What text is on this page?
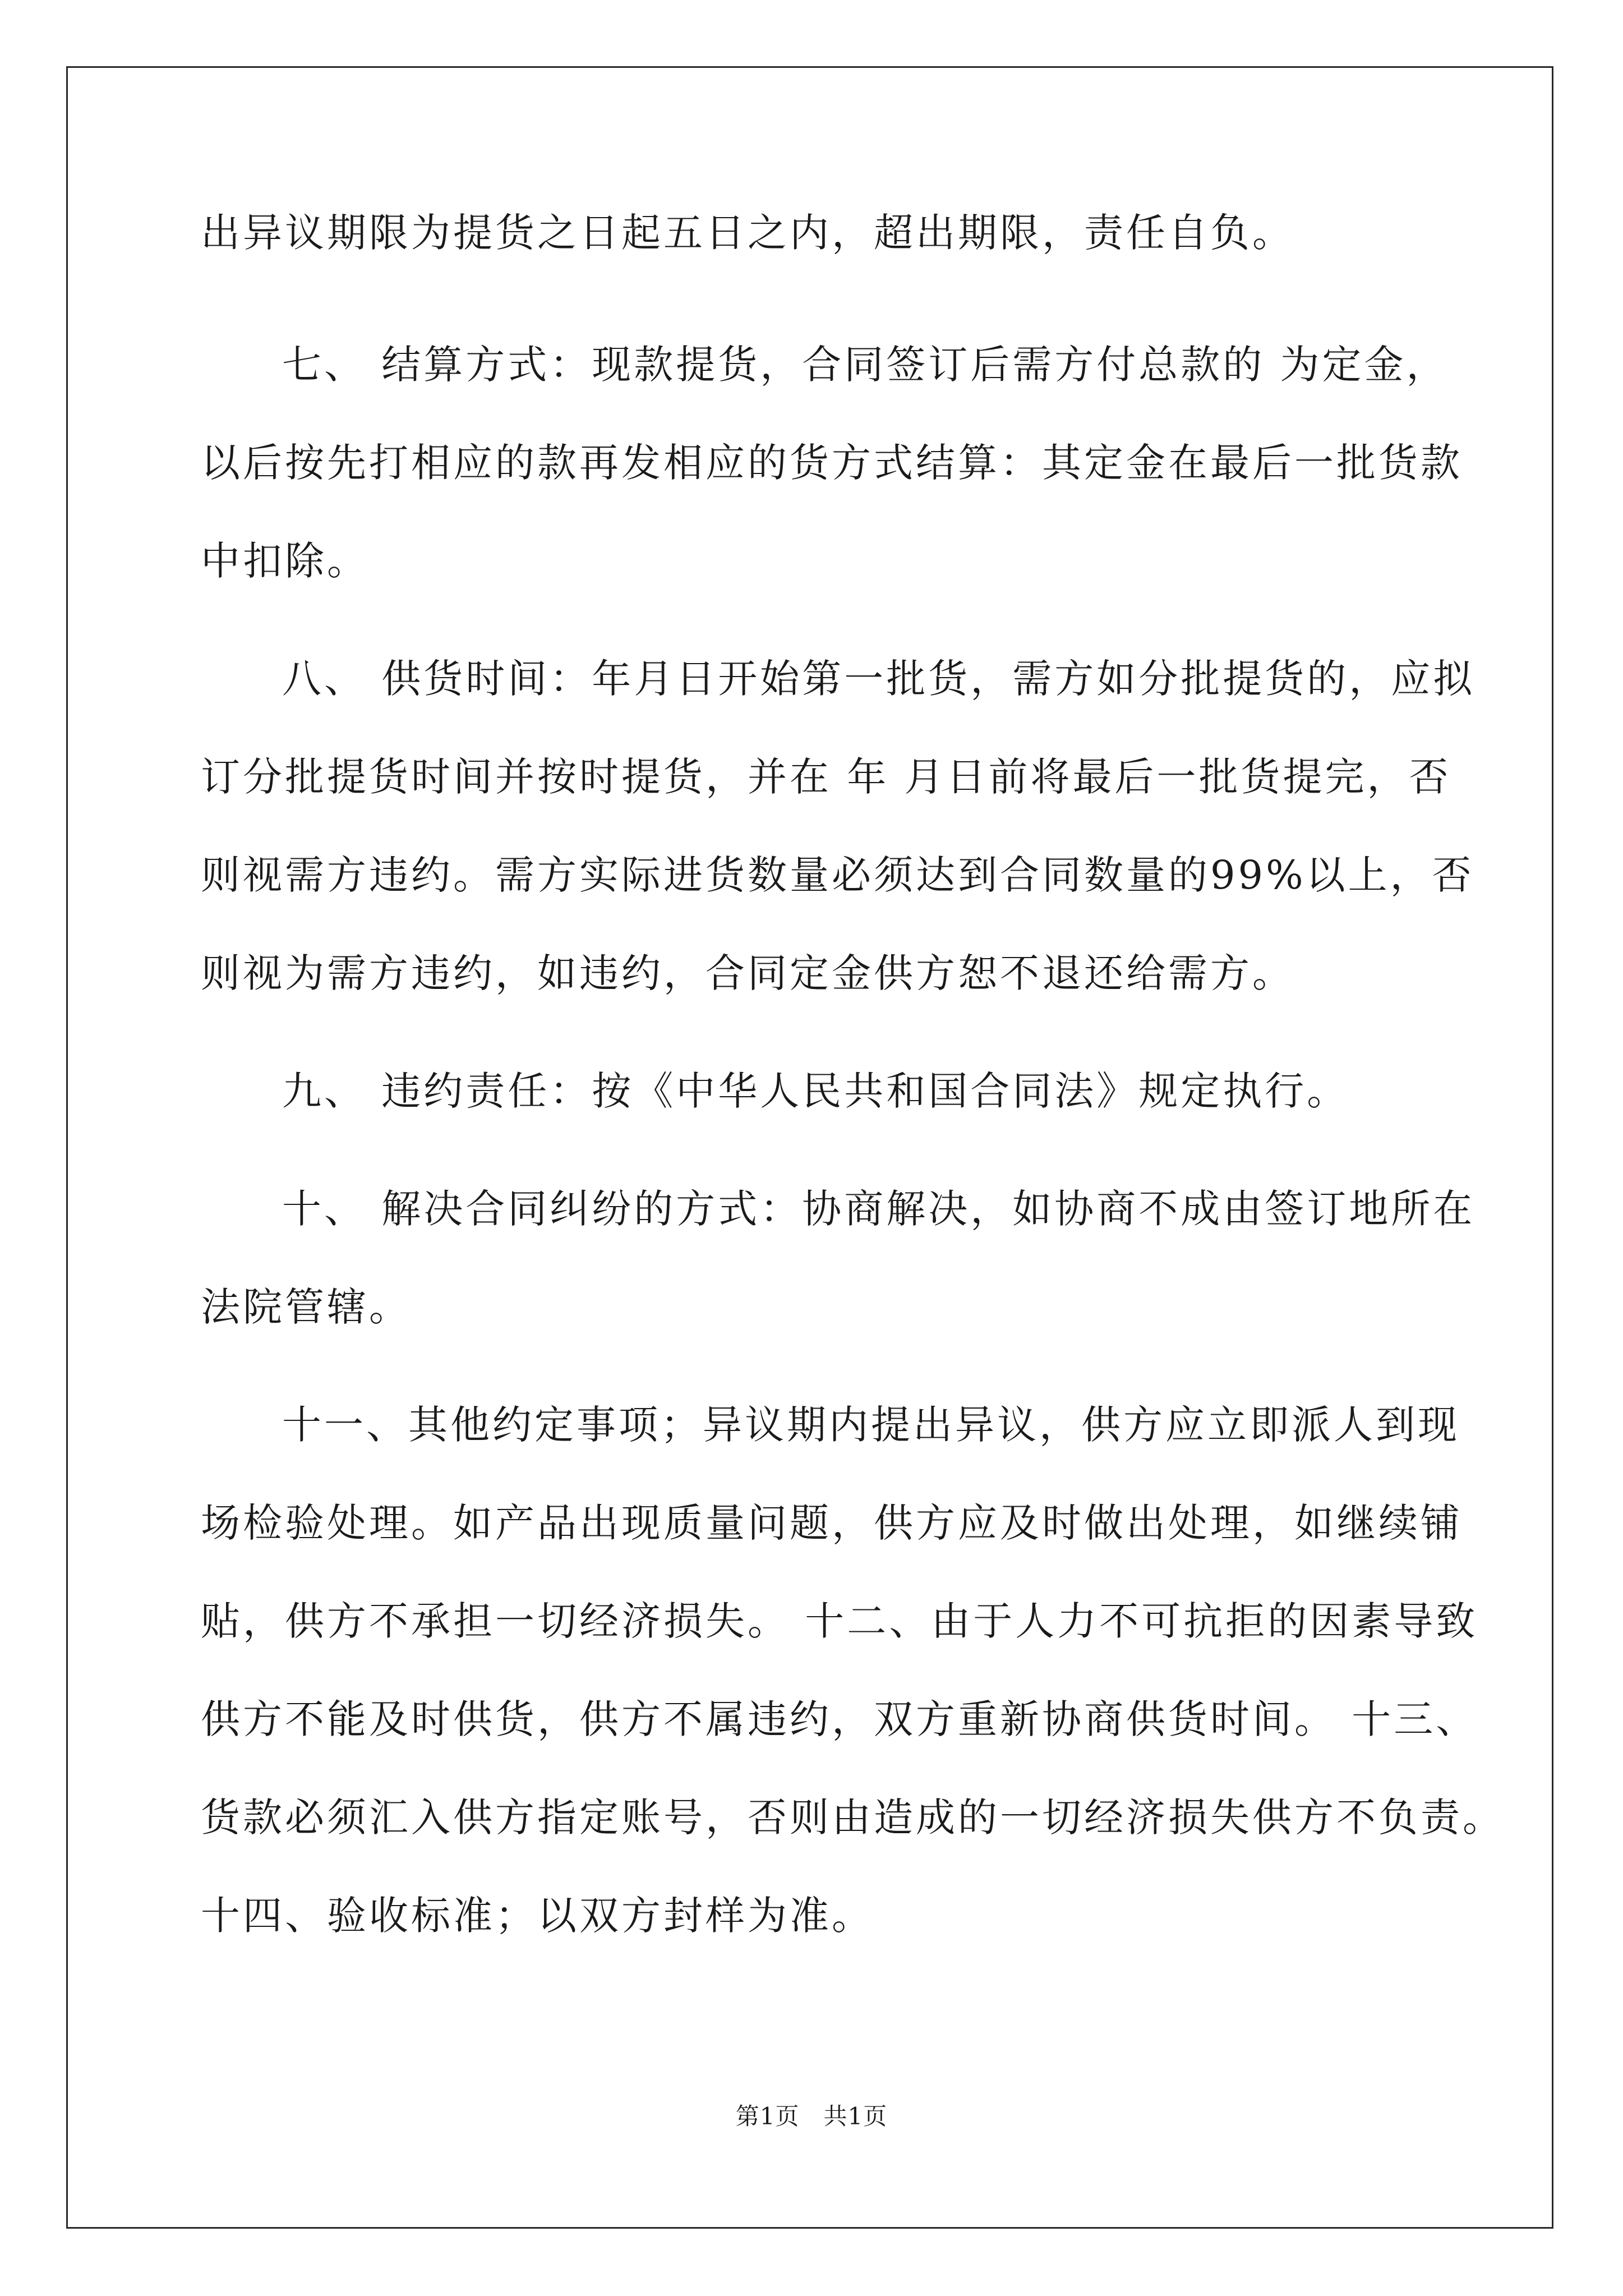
出异议期限为提货之日起五日之内，超出期限，责任自负。
七、 结算方式：现款提货，合同签订后需方付总款的 为定金，
以后按先打相应的款再发相应的货方式结算：其定金在最后一批货款
中扣除。
八、 供货时间：年月日开始第一批货，需方如分批提货的，应拟
订分批提货时间并按时提货，并在 年 月日前将最后一批货提完，否
则视需方违约。需方实际进货数量必须达到合同数量的99%以上，否
则视为需方违约，如违约，合同定金供方恕不退还给需方。
九、 违约责任：按《中华人民共和国合同法》规定执行。
十、 解决合同纠纷的方式：协商解决，如协商不成由签订地所在
法院管辖。
十一、其他约定事项；异议期内提出异议，供方应立即派人到现
场检验处理。如产品出现质量问题，供方应及时做出处理，如继续铺
贴，供方不承担一切经济损失。 十二、由于人力不可抗拒的因素导致
供方不能及时供货，供方不属违约，双方重新协商供货时间。 十三、
货款必须汇入供方指定账号，否则由造成的一切经济损失供方不负责。
十四、验收标准；以双方封样为准。
第1页　共1页
